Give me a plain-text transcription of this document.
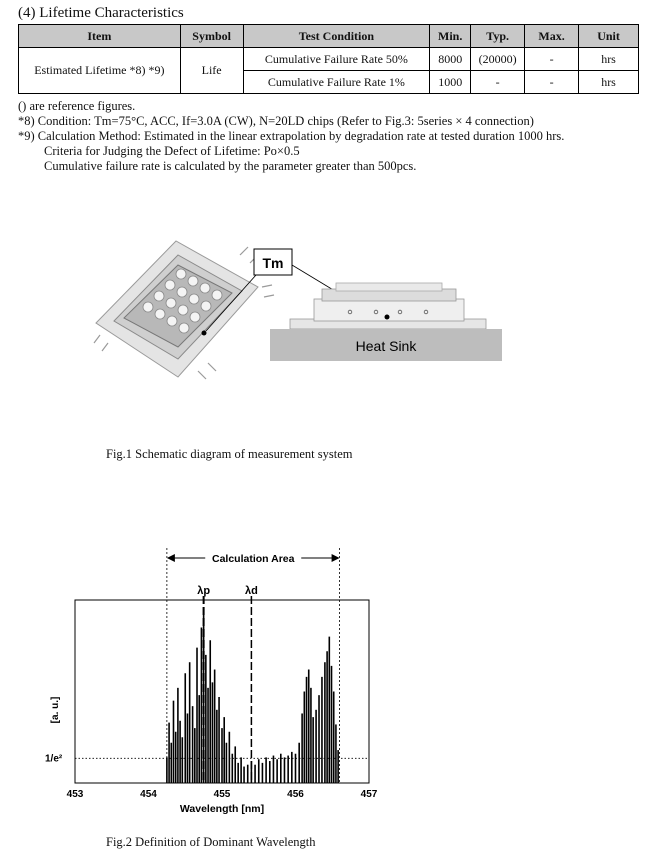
(4) Lifetime Characteristics
Item	Symbol	Test Condition	Min.	Typ.	Max.	Unit
Estimated Lifetime *8) *9)	Life	Cumulative Failure Rate 50%	8000	(20000)	-	hrs
		Cumulative Failure Rate 1%	1000	-	-	hrs
() are reference figures.
*8) Condition: Tm=75°C, ACC, If=3.0A (CW), N=20LD chips (Refer to Fig.3: 5series × 4 connection)
*9) Calculation Method: Estimated in the linear extrapolation by degradation rate at tested duration 1000 hrs.
Criteria for Judging the Defect of Lifetime: Po×0.5
Cumulative failure rate is calculated by the parameter greater than 500pcs.
Tm
Heat Sink
Fig.1 Schematic diagram of measurement system
1/e²
Calculation Area
λp	λd
453	454	455	456	457
Wavelength [nm]
[a. u.]
Fig.2 Definition of Dominant Wavelength
